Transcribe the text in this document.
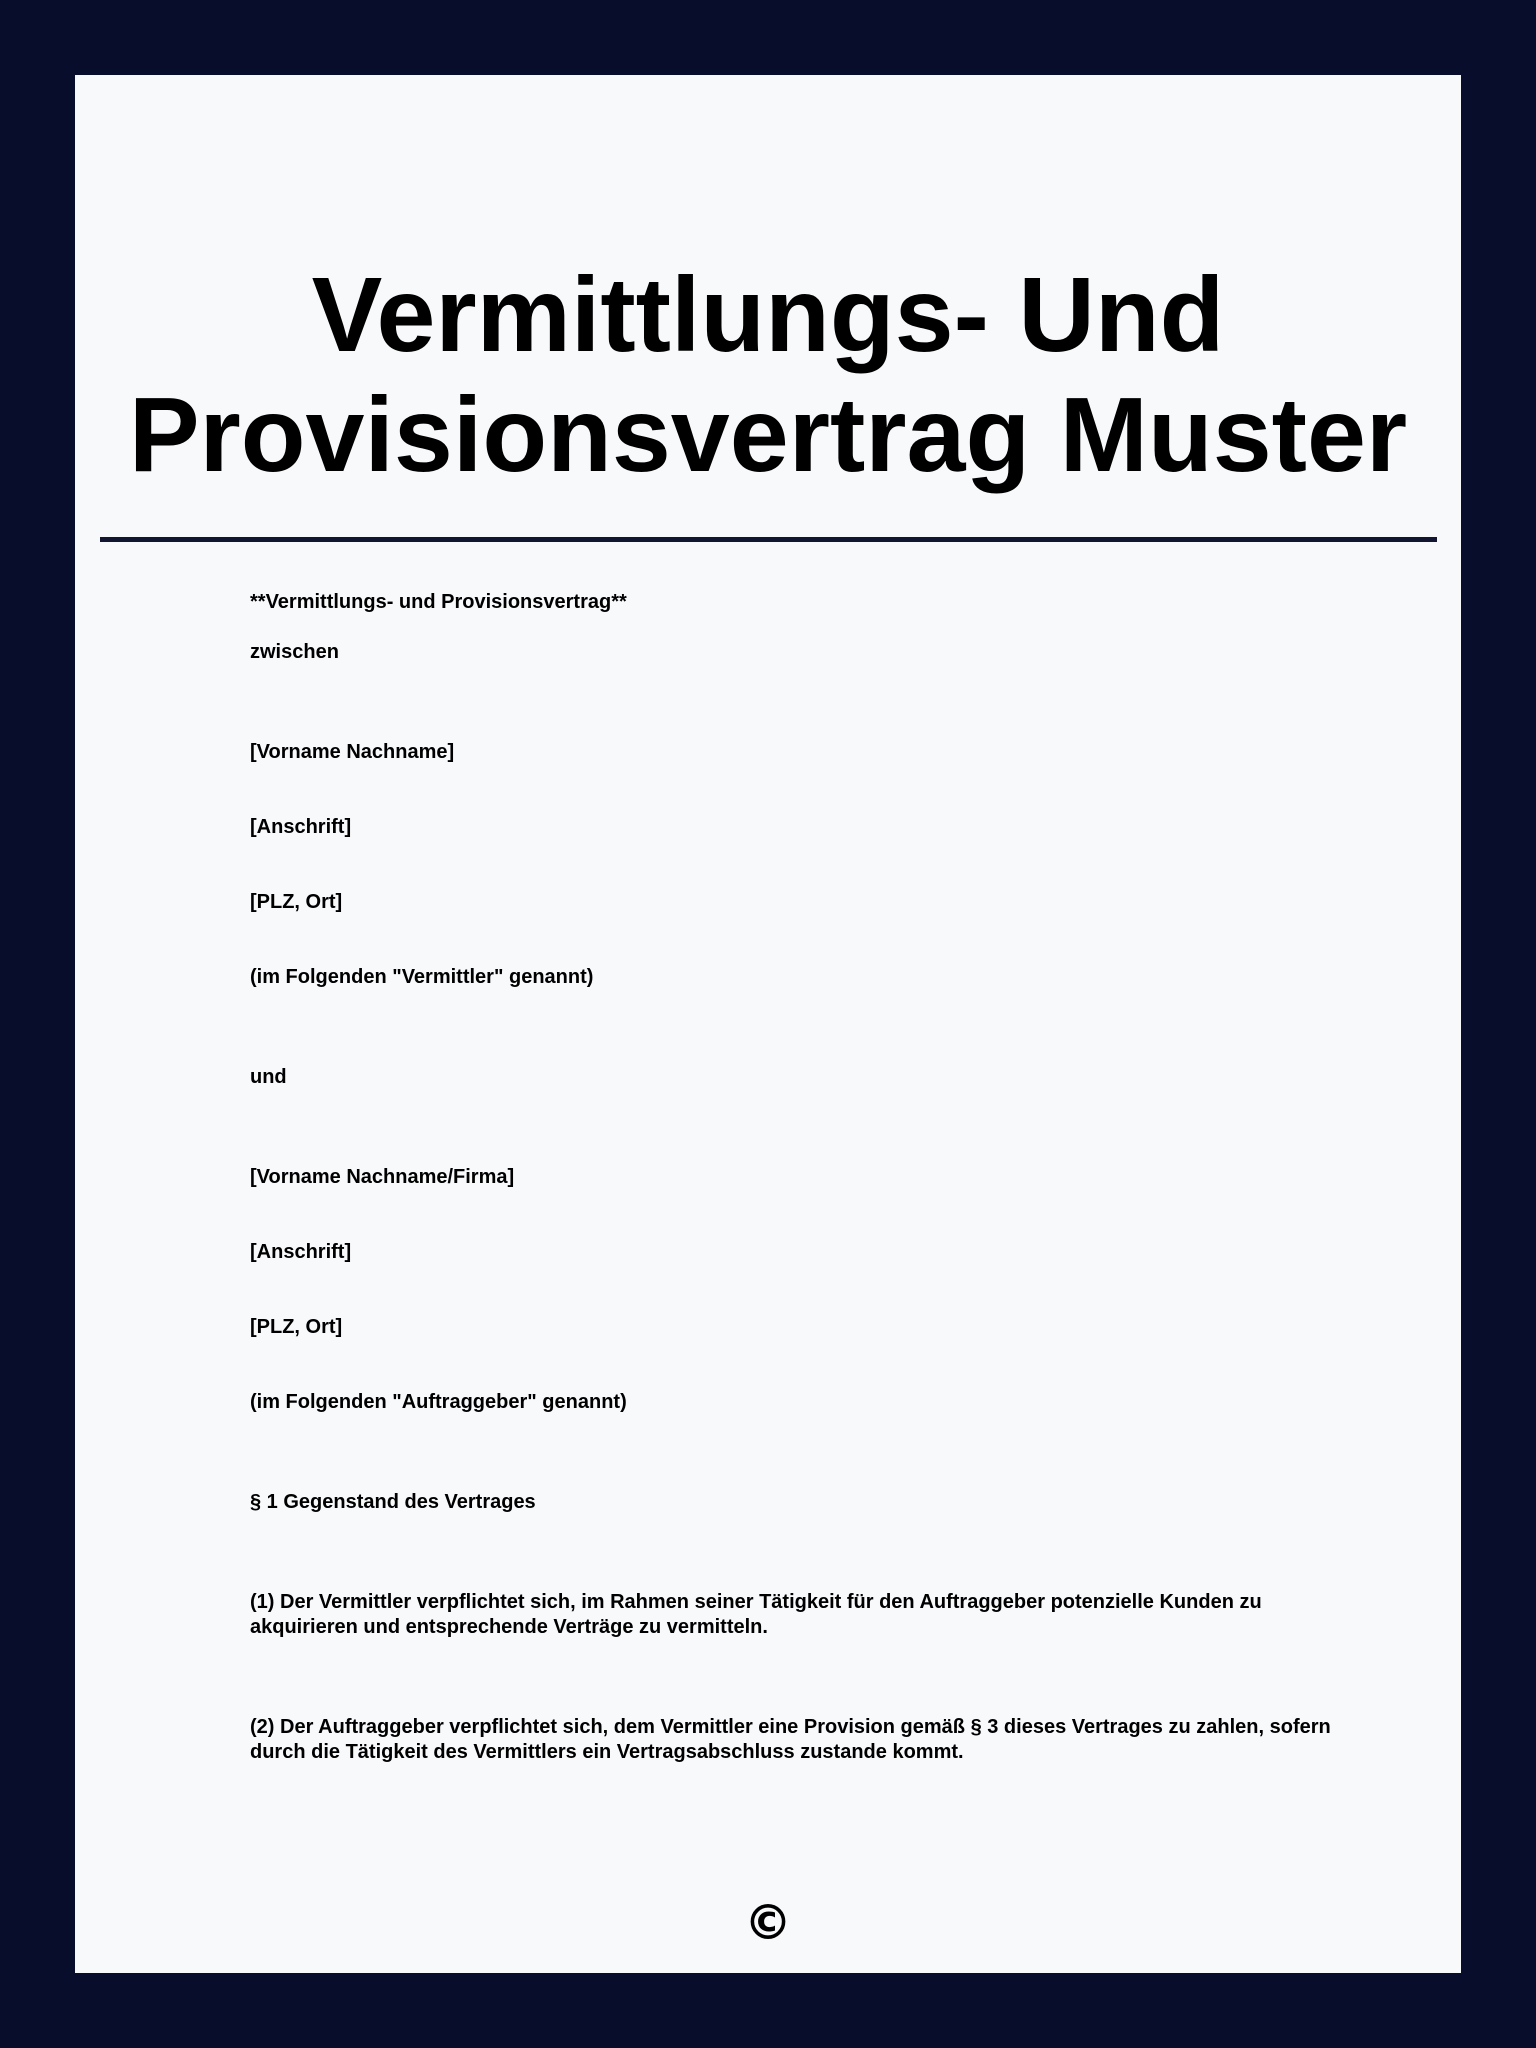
Vermittlungs- Und
Provisionsvertrag Muster

**Vermittlungs- und Provisionsvertrag**

zwischen

[Vorname Nachname]

[Anschrift]

[PLZ, Ort]

(im Folgenden "Vermittler" genannt)

und

[Vorname Nachname/Firma]

[Anschrift]

[PLZ, Ort]

(im Folgenden "Auftraggeber" genannt)

§ 1 Gegenstand des Vertrages

(1) Der Vermittler verpflichtet sich, im Rahmen seiner Tätigkeit für den Auftraggeber potenzielle Kunden zu akquirieren und entsprechende Verträge zu vermitteln.

(2) Der Auftraggeber verpflichtet sich, dem Vermittler eine Provision gemäß § 3 dieses Vertrages zu zahlen, sofern durch die Tätigkeit des Vermittlers ein Vertragsabschluss zustande kommt.

©
